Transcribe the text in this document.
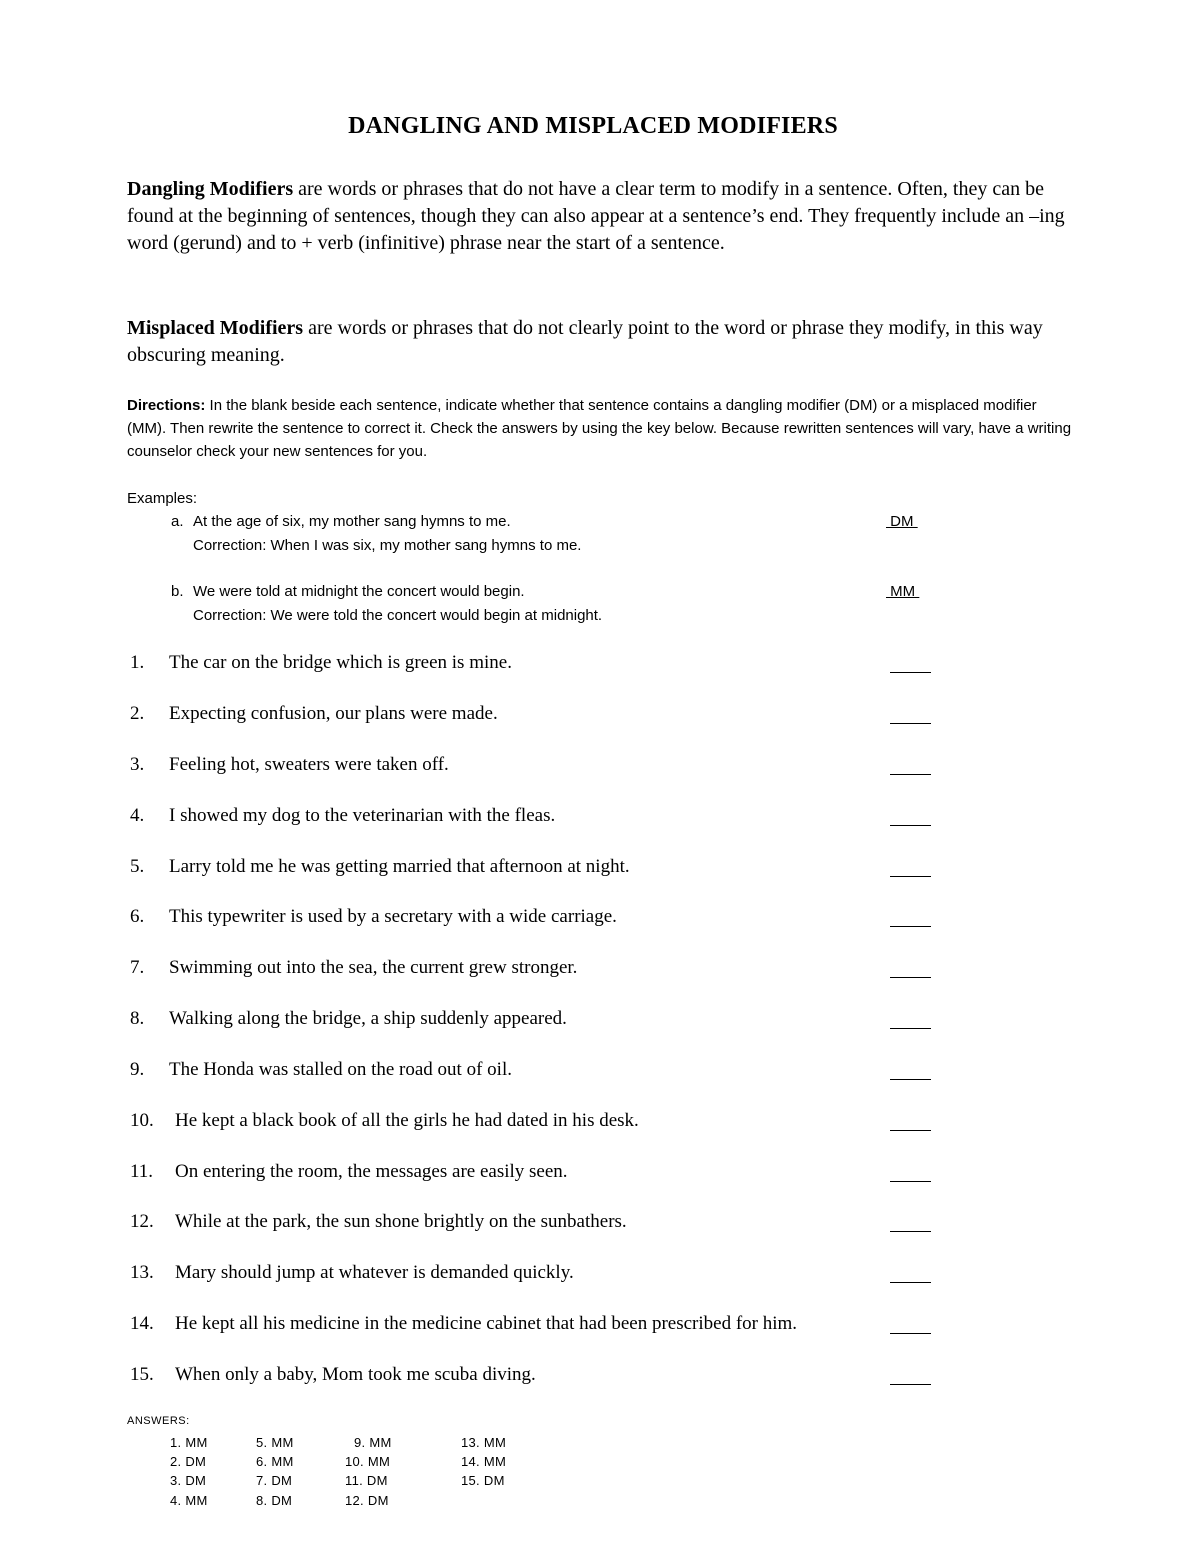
DANGLING AND MISPLACED MODIFIERS
Dangling Modifiers are words or phrases that do not have a clear term to modify in a sentence. Often, they can be found at the beginning of sentences, though they can also appear at a sentence’s end. They frequently include an –ing word (gerund) and to + verb (infinitive) phrase near the start of a sentence.
Misplaced Modifiers are words or phrases that do not clearly point to the word or phrase they modify, in this way obscuring meaning.
Directions: In the blank beside each sentence, indicate whether that sentence contains a dangling modifier (DM) or a misplaced modifier (MM). Then rewrite the sentence to correct it. Check the answers by using the key below. Because rewritten sentences will vary, have a writing counselor check your new sentences for you.
Examples:
a. At the age of six, my mother sang hymns to me.
Correction: When I was six, my mother sang hymns to me.
DM
b. We were told at midnight the concert would begin.
Correction: We were told the concert would begin at midnight.
MM
1. The car on the bridge which is green is mine.
2. Expecting confusion, our plans were made.
3. Feeling hot, sweaters were taken off.
4. I showed my dog to the veterinarian with the fleas.
5. Larry told me he was getting married that afternoon at night.
6. This typewriter is used by a secretary with a wide carriage.
7. Swimming out into the sea, the current grew stronger.
8. Walking along the bridge, a ship suddenly appeared.
9. The Honda was stalled on the road out of oil.
10. He kept a black book of all the girls he had dated in his desk.
11. On entering the room, the messages are easily seen.
12. While at the park, the sun shone brightly on the sunbathers.
13. Mary should jump at whatever is demanded quickly.
14. He kept all his medicine in the medicine cabinet that had been prescribed for him.
15. When only a baby, Mom took me scuba diving.
ANSWERS:
1. MM
2. DM
3. DM
4. MM
5. MM
6. MM
7. DM
8. DM
9. MM
10. MM
11. DM
12. DM
13. MM
14. MM
15. DM
